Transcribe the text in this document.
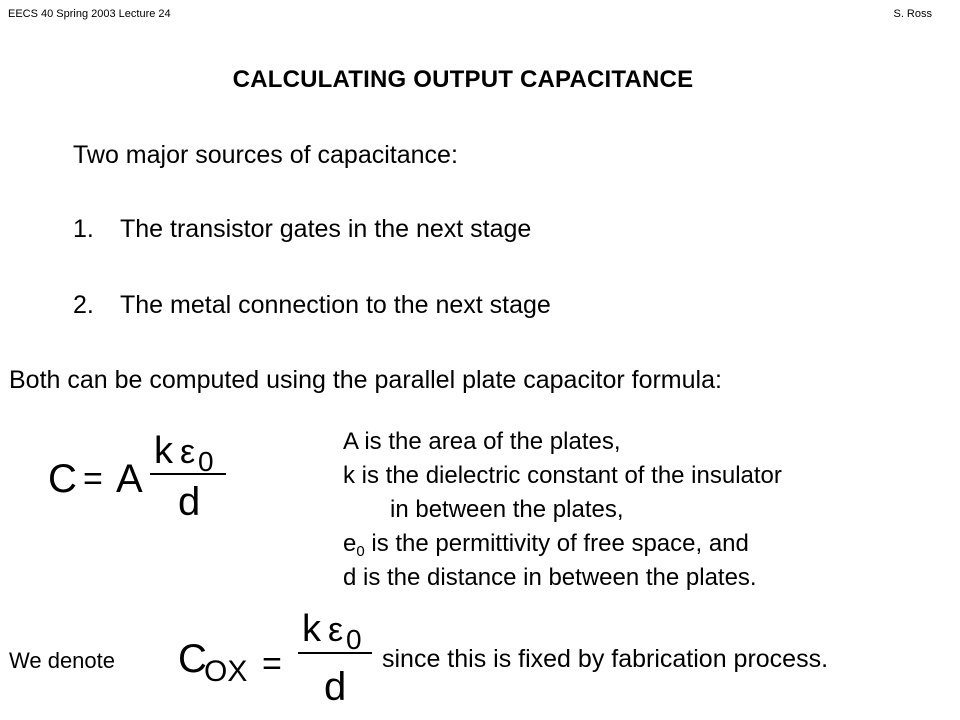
EECS 40 Spring 2003 Lecture 24	S. Ross
CALCULATING OUTPUT CAPACITANCE
Two major sources of capacitance:
1. The transistor gates in the next stage
2. The metal connection to the next stage
Both can be computed using the parallel plate capacitor formula:
C = A
k ε 0
d
A is the area of the plates,
k is the dielectric constant of the insulator
in between the plates,
$e_0$ is the permittivity of free space, and
d is the distance in between the plates.
We denote C
OX =
k ε 0
d
since this is fixed by fabrication process.
